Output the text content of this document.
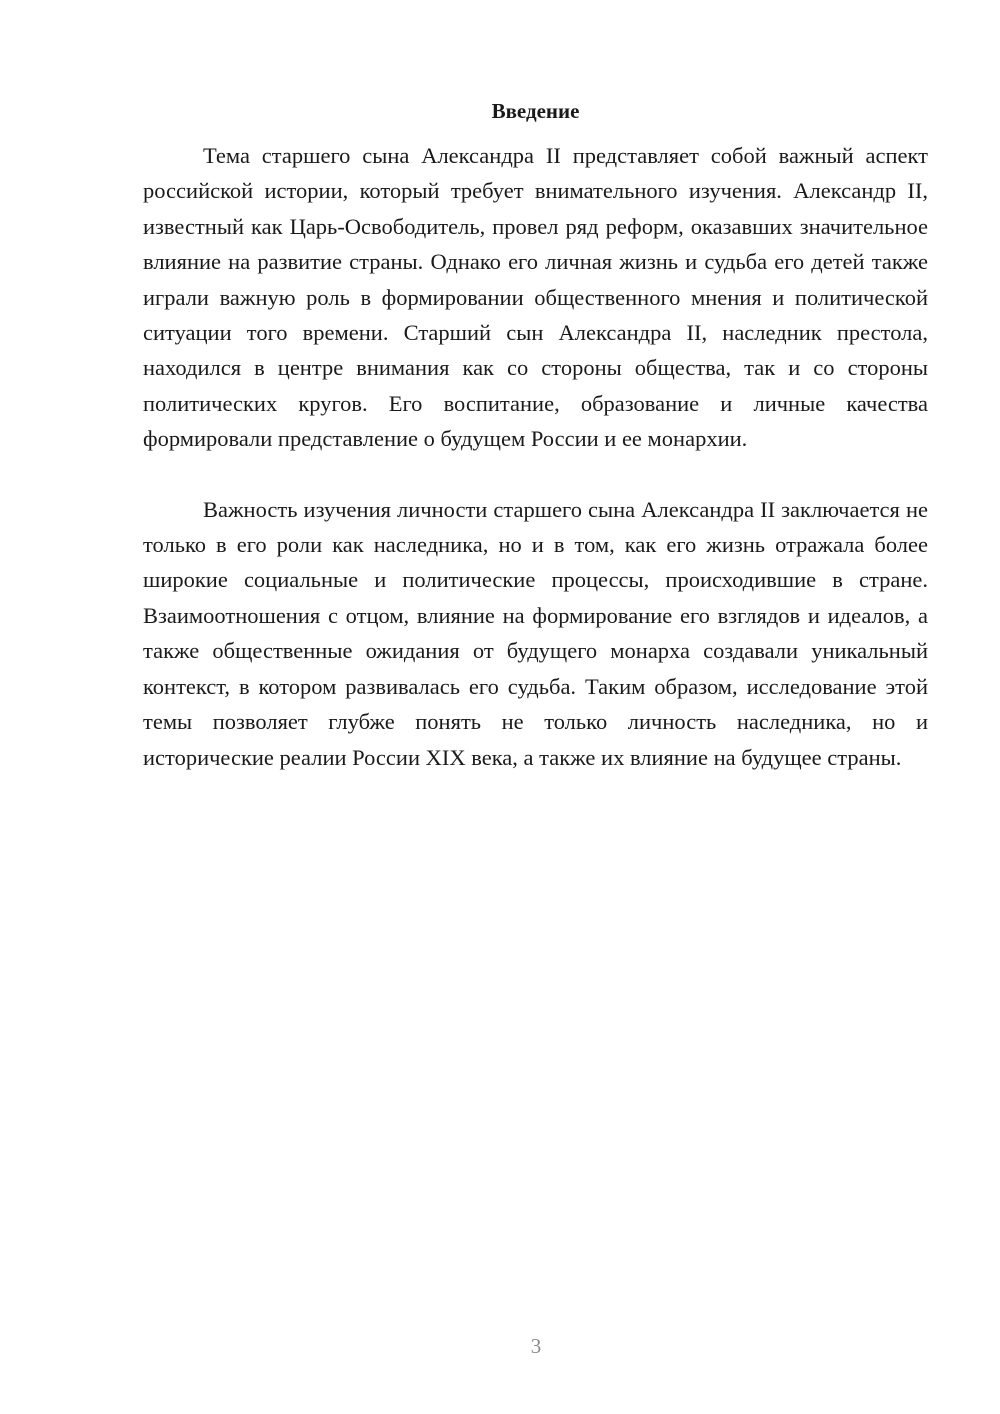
Введение

Тема старшего сына Александра II представляет собой важный аспект российской истории, который требует внимательного изучения. Александр II, известный как Царь-Освободитель, провел ряд реформ, оказавших значительное влияние на развитие страны. Однако его личная жизнь и судьба его детей также играли важную роль в формировании общественного мнения и политической ситуации того времени. Старший сын Александра II, наследник престола, находился в центре внимания как со стороны общества, так и со стороны политических кругов. Его воспитание, образование и личные качества формировали представление о будущем России и ее монархии.

Важность изучения личности старшего сына Александра II заключается не только в его роли как наследника, но и в том, как его жизнь отражала более широкие социальные и политические процессы, происходившие в стране. Взаимоотношения с отцом, влияние на формирование его взглядов и идеалов, а также общественные ожидания от будущего монарха создавали уникальный контекст, в котором развивалась его судьба. Таким образом, исследование этой темы позволяет глубже понять не только личность наследника, но и исторические реалии России XIX века, а также их влияние на будущее страны.

3
